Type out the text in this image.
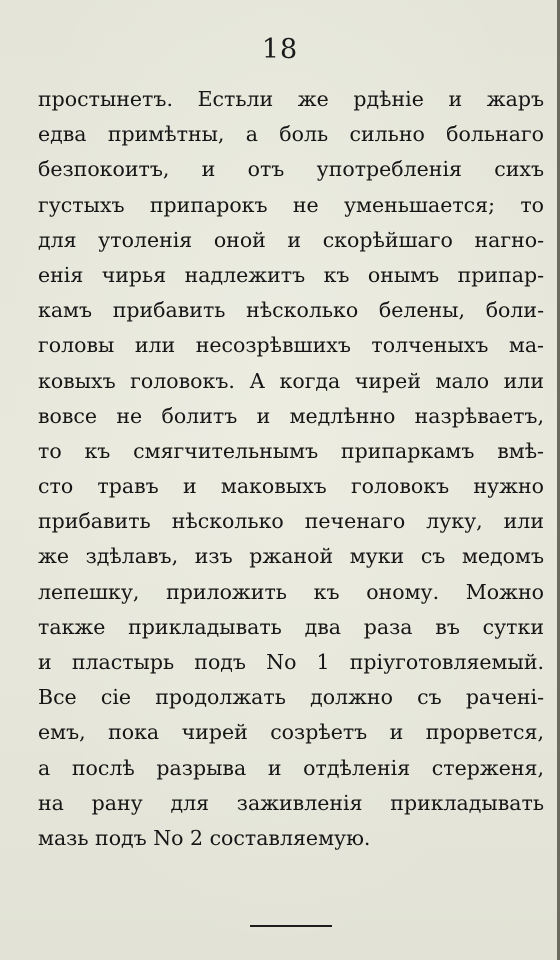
18
простынетъ. Естьли же рдѣніе и жаръ
едва примѣтны, а боль сильно больнаго
безпокоитъ, и отъ употребленія сихъ
густыхъ припарокъ не уменьшается; то
для утоленія оной и скорѣйшаго нагно-
енія чирья надлежитъ къ онымъ припар-
камъ прибавить нѣсколько белены, боли-
головы или несозрѣвшихъ толченыхъ ма-
ковыхъ головокъ. А когда чирей мало или
вовсе не болитъ и медлѣнно назрѣваетъ,
то къ смягчительнымъ припаркамъ вмѣ-
сто травъ и маковыхъ головокъ нужно
прибавить нѣсколько печенаго луку, или
же здѣлавъ, изъ ржаной муки съ медомъ
лепешку, приложить къ оному. Можно
также прикладывать два раза въ сутки
и пластырь подъ No 1 пріуготовляемый.
Все сіе продолжать должно съ рачені-
емъ, пока чирей созрѣетъ и прорвется,
а послѣ разрыва и отдѣленія стерженя,
на рану для заживленія прикладывать
мазь подъ No 2 составляемую.
